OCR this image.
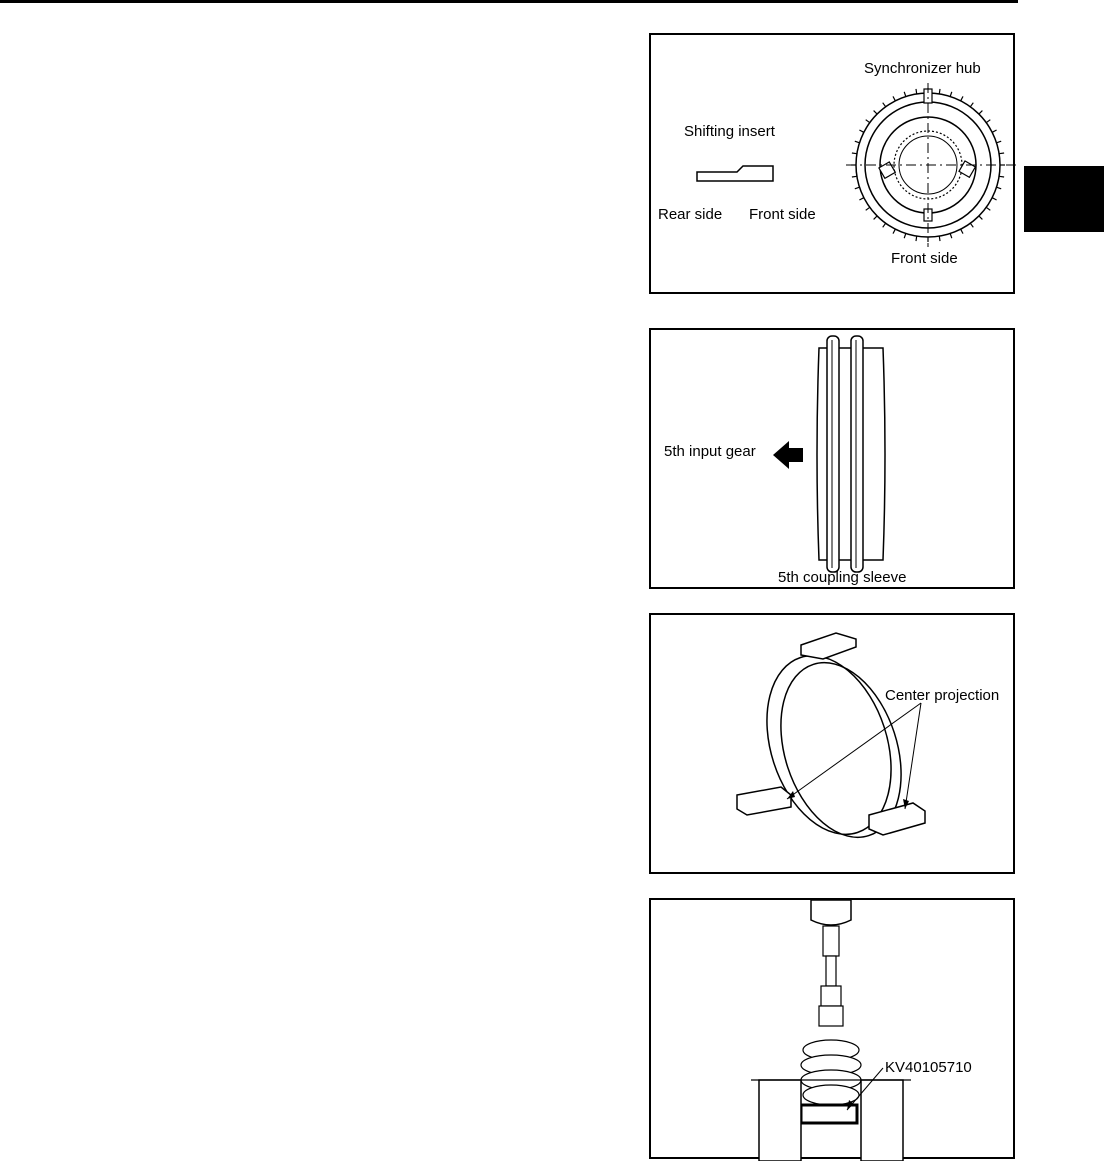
Synchronizer hub
Shifting insert
Rear side Front side
Front side
5th input gear
5th coupling sleeve
Center projection
KV40105710
